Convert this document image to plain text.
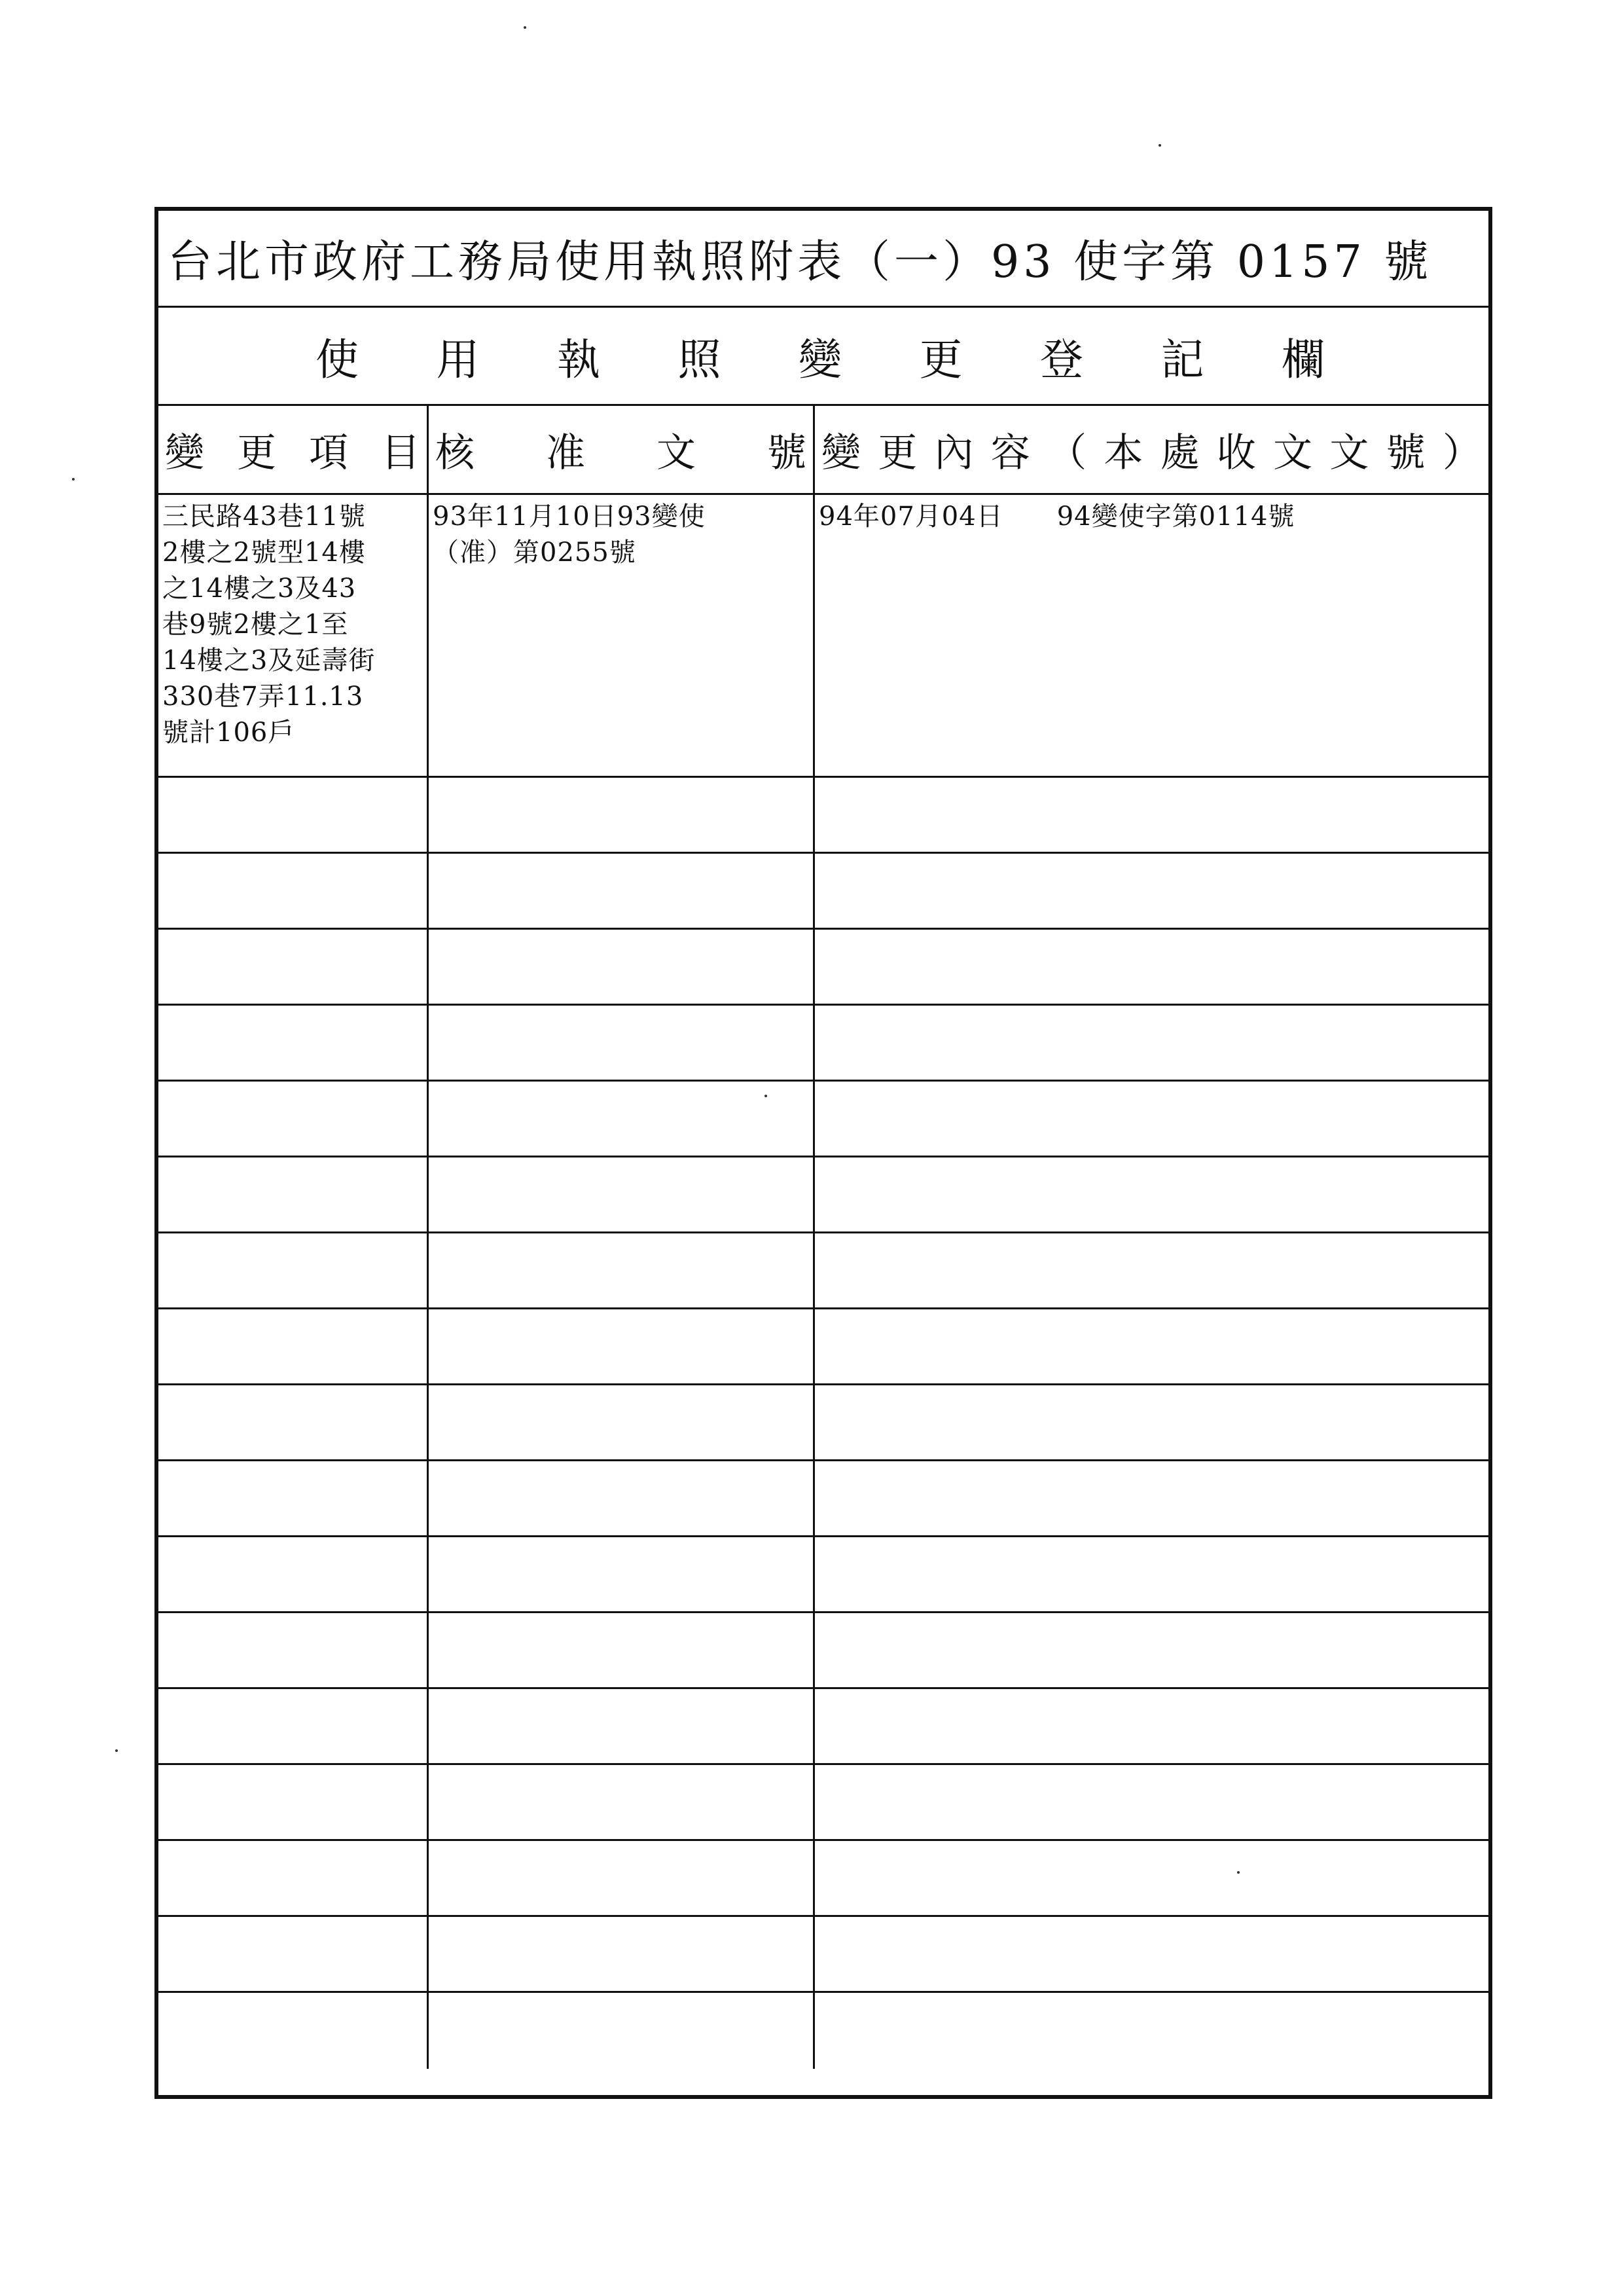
台北市政府工務局使用執照附表（一）93 使字第 0157 號
使 用 執 照 變 更 登 記 欄
變 更 項 目 核 准 文 號 變 更 內 容 （ 本 處 收 文 文 號 ）
三民路43巷11號
2樓之2號型14樓
之14樓之3及43
巷9號2樓之1至
14樓之3及延壽街
330巷7弄11.13
號計106戶
93年11月10日93變使
（准）第0255號
94年07月04日　　94變使字第0114號
